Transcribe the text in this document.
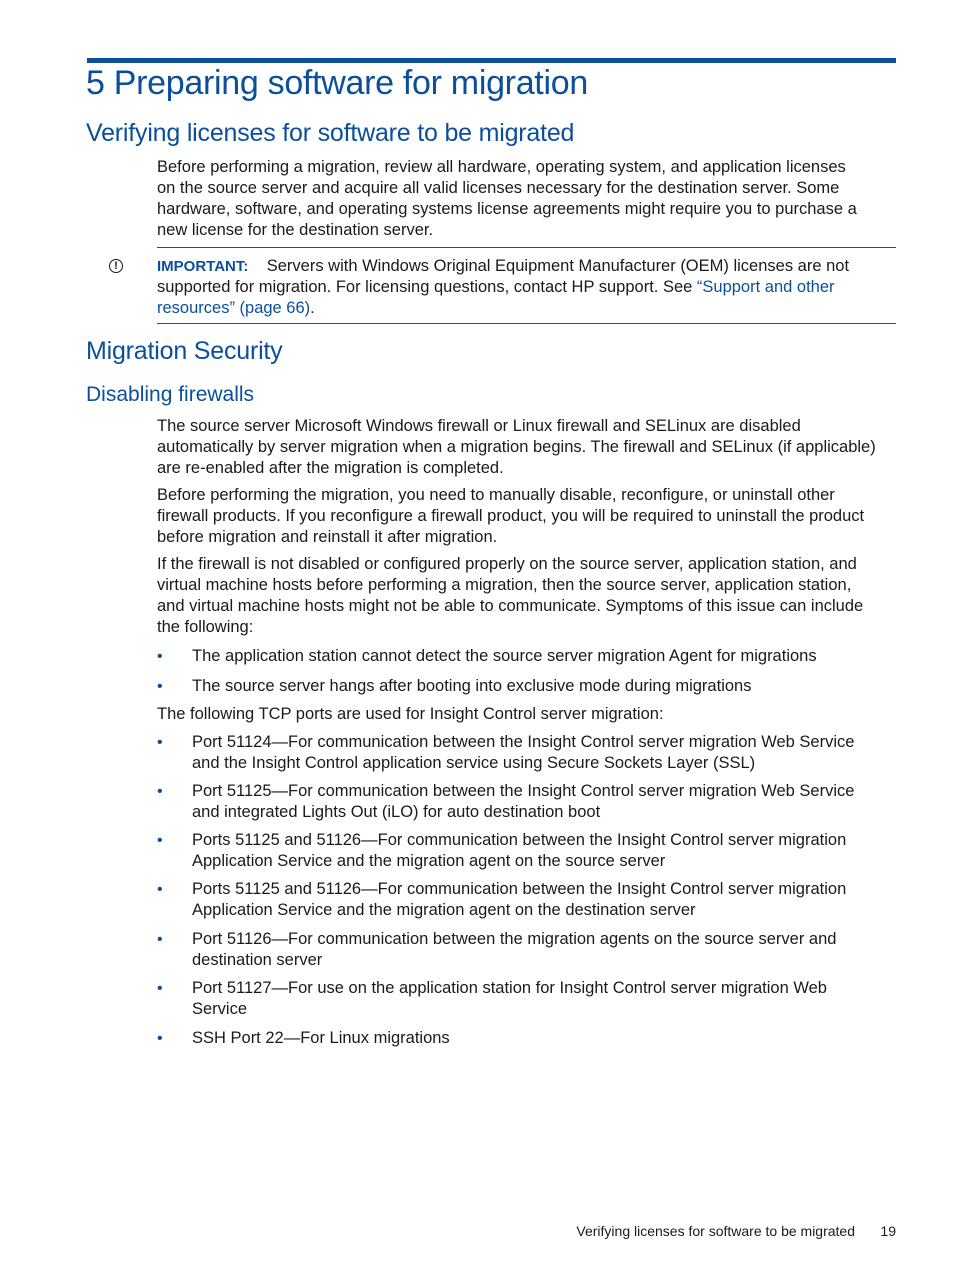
5 Preparing software for migration
Verifying licenses for software to be migrated
Before performing a migration, review all hardware, operating system, and application licenses
on the source server and acquire all valid licenses necessary for the destination server. Some
hardware, software, and operating systems license agreements might require you to purchase a
new license for the destination server.
!	IMPORTANT: Servers with Windows Original Equipment Manufacturer (OEM) licenses are not
supported for migration. For licensing questions, contact HP support. See “Support and other
resources” (page 66).
Migration Security
Disabling firewalls
The source server Microsoft Windows firewall or Linux firewall and SELinux are disabled
automatically by server migration when a migration begins. The firewall and SELinux (if applicable)
are re-enabled after the migration is completed.
Before performing the migration, you need to manually disable, reconfigure, or uninstall other
firewall products. If you reconfigure a firewall product, you will be required to uninstall the product
before migration and reinstall it after migration.
If the firewall is not disabled or configured properly on the source server, application station, and
virtual machine hosts before performing a migration, then the source server, application station,
and virtual machine hosts might not be able to communicate. Symptoms of this issue can include
the following:
• The application station cannot detect the source server migration Agent for migrations
• The source server hangs after booting into exclusive mode during migrations
The following TCP ports are used for Insight Control server migration:
• Port 51124—For communication between the Insight Control server migration Web Service
and the Insight Control application service using Secure Sockets Layer (SSL)
• Port 51125—For communication between the Insight Control server migration Web Service
and integrated Lights Out (iLO) for auto destination boot
• Ports 51125 and 51126—For communication between the Insight Control server migration
Application Service and the migration agent on the source server
• Ports 51125 and 51126—For communication between the Insight Control server migration
Application Service and the migration agent on the destination server
• Port 51126—For communication between the migration agents on the source server and
destination server
• Port 51127—For use on the application station for Insight Control server migration Web
Service
• SSH Port 22—For Linux migrations
Verifying licenses for software to be migrated 19
